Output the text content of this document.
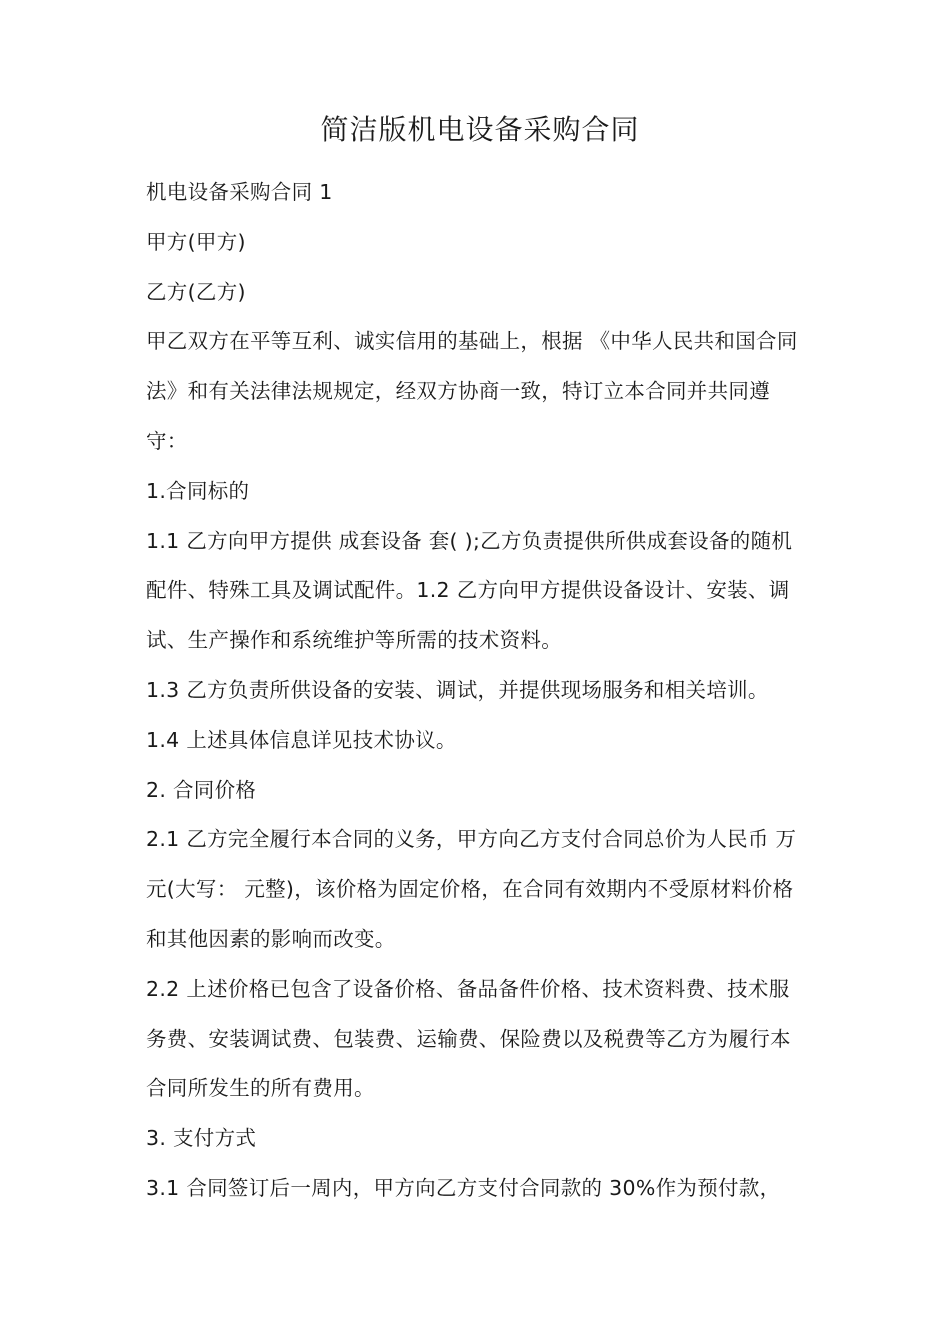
简洁版机电设备采购合同

机电设备采购合同 1

甲方(甲方)

乙方(乙方)

甲乙双方在平等互利、诚实信用的基础上，根据 《中华人民共和国合同法》和有关法律法规规定，经双方协商一致，特订立本合同并共同遵守：

1.合同标的

1.1 乙方向甲方提供 成套设备 套( );乙方负责提供所供成套设备的随机配件、特殊工具及调试配件。1.2 乙方向甲方提供设备设计、安装、调试、生产操作和系统维护等所需的技术资料。

1.3 乙方负责所供设备的安装、调试，并提供现场服务和相关培训。

1.4 上述具体信息详见技术协议。

2. 合同价格

2.1 乙方完全履行本合同的义务，甲方向乙方支付合同总价为人民币 万元(大写： 元整)，该价格为固定价格，在合同有效期内不受原材料价格和其他因素的影响而改变。

2.2 上述价格已包含了设备价格、备品备件价格、技术资料费、技术服务费、安装调试费、包装费、运输费、保险费以及税费等乙方为履行本合同所发生的所有费用。

3. 支付方式

3.1 合同签订后一周内，甲方向乙方支付合同款的 30%作为预付款，
